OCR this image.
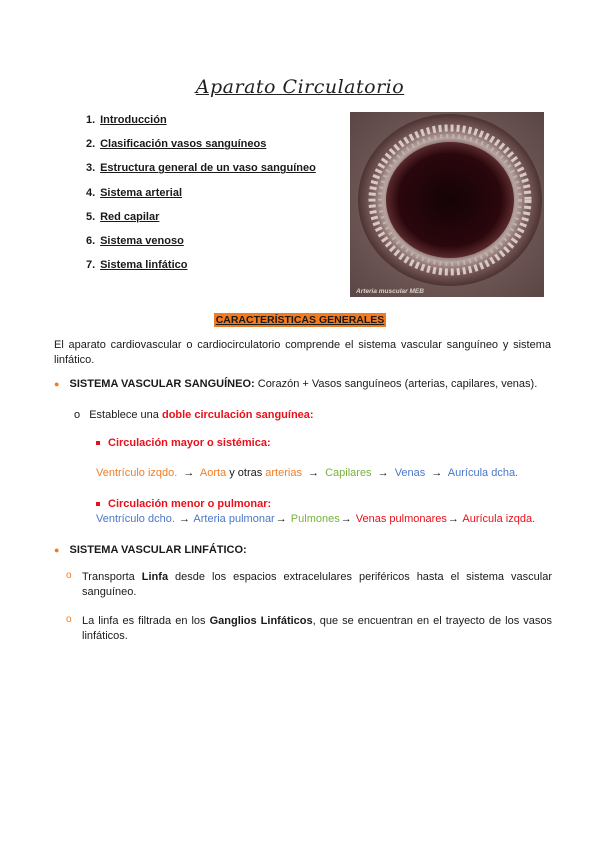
Aparato Circulatorio
1. Introducción
2. Clasificación vasos sanguíneos
3. Estructura general de un vaso sanguíneo
4. Sistema arterial
5. Red capilar
6. Sistema venoso
7. Sistema linfático
Arteria muscular MEB
CARACTERÍSTICAS GENERALES
El aparato cardiovascular o cardiocirculatorio comprende el sistema vascular sanguíneo y sistema linfático.
● SISTEMA VASCULAR SANGUÍNEO: Corazón + Vasos sanguíneos (arterias, capilares, venas).
o Establece una doble circulación sanguínea:
Circulación mayor o sistémica:
Ventrículo izqdo. → Aorta y otras arterias → Capilares → Venas → Aurícula dcha.
Circulación menor o pulmonar:
Ventrículo dcho. → Arteria pulmonar→ Pulmones→ Venas pulmonares→ Aurícula izqda.
● SISTEMA VASCULAR LINFÁTICO:
o Transporta Linfa desde los espacios extracelulares periféricos hasta el sistema vascular sanguíneo.
o La linfa es filtrada en los Ganglios Linfáticos, que se encuentran en el trayecto de los vasos linfáticos.
